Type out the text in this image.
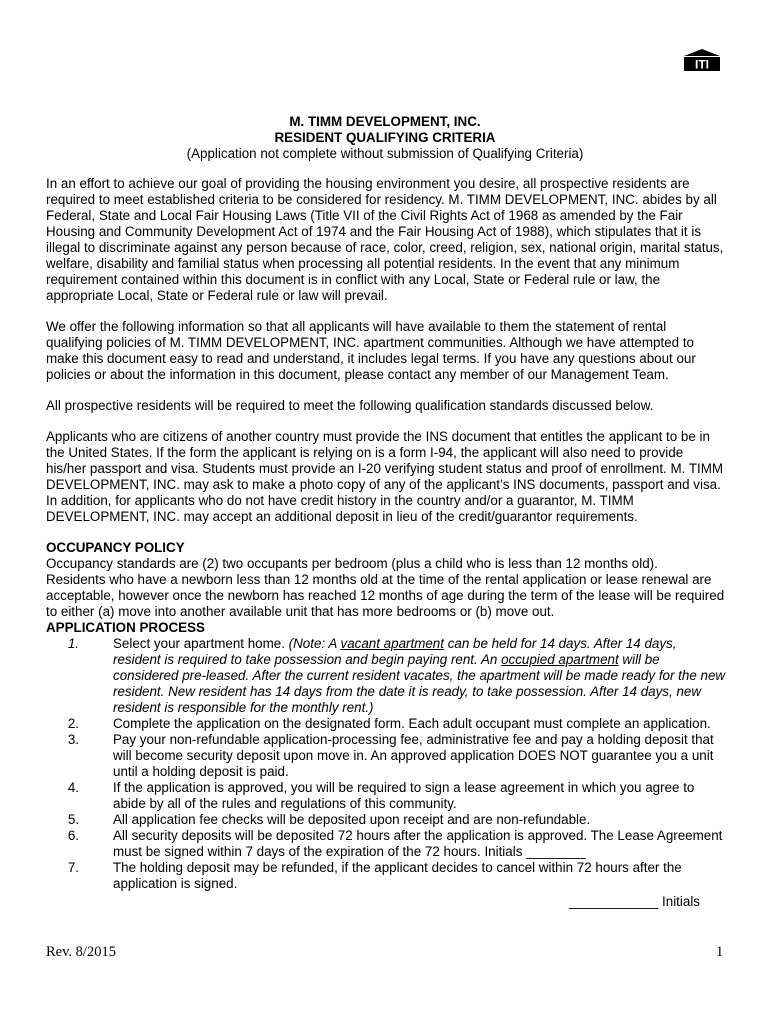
ITI
M. TIMM DEVELOPMENT, INC.
RESIDENT QUALIFYING CRITERIA
(Application not complete without submission of Qualifying Criteria)

In an effort to achieve our goal of providing the housing environment you desire, all prospective residents are required to meet established criteria to be considered for residency. M. TIMM DEVELOPMENT, INC. abides by all Federal, State and Local Fair Housing Laws (Title VII of the Civil Rights Act of 1968 as amended by the Fair Housing and Community Development Act of 1974 and the Fair Housing Act of 1988), which stipulates that it is illegal to discriminate against any person because of race, color, creed, religion, sex, national origin, marital status, welfare, disability and familial status when processing all potential residents. In the event that any minimum requirement contained within this document is in conflict with any Local, State or Federal rule or law, the appropriate Local, State or Federal rule or law will prevail.

We offer the following information so that all applicants will have available to them the statement of rental qualifying policies of M. TIMM DEVELOPMENT, INC. apartment communities. Although we have attempted to make this document easy to read and understand, it includes legal terms. If you have any questions about our policies or about the information in this document, please contact any member of our Management Team.

All prospective residents will be required to meet the following qualification standards discussed below.

Applicants who are citizens of another country must provide the INS document that entitles the applicant to be in the United States. If the form the applicant is relying on is a form I-94, the applicant will also need to provide his/her passport and visa. Students must provide an I-20 verifying student status and proof of enrollment. M. TIMM DEVELOPMENT, INC. may ask to make a photo copy of any of the applicant’s INS documents, passport and visa. In addition, for applicants who do not have credit history in the country and/or a guarantor, M. TIMM DEVELOPMENT, INC. may accept an additional deposit in lieu of the credit/guarantor requirements.

OCCUPANCY POLICY

Occupancy standards are (2) two occupants per bedroom (plus a child who is less than 12 months old).

Residents who have a newborn less than 12 months old at the time of the rental application or lease renewal are acceptable, however once the newborn has reached 12 months of age during the term of the lease will be required to either (a) move into another available unit that has more bedrooms or (b) move out.

APPLICATION PROCESS
1.	Select your apartment home. (Note: A vacant apartment can be held for 14 days. After 14 days, resident is required to take possession and begin paying rent. An occupied apartment will be considered pre-leased. After the current resident vacates, the apartment will be made ready for the new resident. New resident has 14 days from the date it is ready, to take possession. After 14 days, new resident is responsible for the monthly rent.)
2.	Complete the application on the designated form. Each adult occupant must complete an application.
3.	Pay your non-refundable application-processing fee, administrative fee and pay a holding deposit that will become security deposit upon move in. An approved application DOES NOT guarantee you a unit until a holding deposit is paid.
4.	If the application is approved, you will be required to sign a lease agreement in which you agree to abide by all of the rules and regulations of this community.
5.	All application fee checks will be deposited upon receipt and are non-refundable.
6.	All security deposits will be deposited 72 hours after the application is approved. The Lease Agreement must be signed within 7 days of the expiration of the 72 hours. Initials ________
7.	The holding deposit may be refunded, if the applicant decides to cancel within 72 hours after the application is signed.
____________ Initials
Rev. 8/2015	1
